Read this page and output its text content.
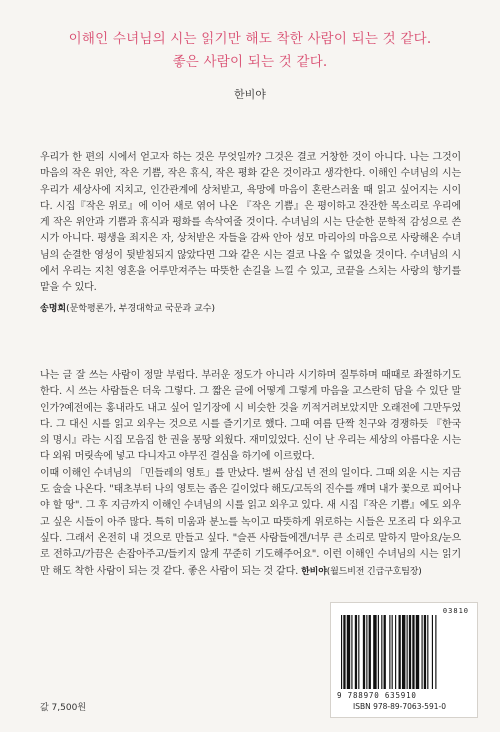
이해인 수녀님의 시는 읽기만 해도 착한 사람이 되는 것 같다.
좋은 사람이 되는 것 같다.
한비야

우리가 한 편의 시에서 얻고자 하는 것은 무엇일까? 그것은 결코 거창한 것이 아니다. 나는 그것이 마음의 작은 위안, 작은 기쁨, 작은 휴식, 작은 평화 같은 것이라고 생각한다. 이해인 수녀님의 시는 우리가 세상사에 지치고, 인간관계에 상처받고, 욕망에 마음이 혼란스러울 때 읽고 싶어지는 시이다. 시집『작은 위로』에 이어 새로 엮어 나온 『작은 기쁨』은 평이하고 잔잔한 목소리로 우리에게 작은 위안과 기쁨과 휴식과 평화를 속삭여줄 것이다. 수녀님의 시는 단순한 문학적 감성으로 쓴 시가 아니다. 평생을 죄지은 자, 상처받은 자들을 감싸 안아 성모 마리아의 마음으로 사랑해온 수녀님의 순결한 영성이 뒷받침되지 않았다면 그와 같은 시는 결코 나올 수 없었을 것이다. 수녀님의 시에서 우리는 지친 영혼을 어루만져주는 따뜻한 손길을 느낄 수 있고, 코끝을 스치는 사랑의 향기를 맡을 수 있다.

송명희(문학평론가, 부경대학교 국문과 교수)

나는 글 잘 쓰는 사람이 정말 부럽다. 부러운 정도가 아니라 시기하며 질투하며 때때로 좌절하기도 한다. 시 쓰는 사람들은 더욱 그렇다. 그 짧은 글에 어떻게 그렇게 마음을 고스란히 담을 수 있단 말인가?예전에는 홍내라도 내고 싶어 일기장에 시 비슷한 것을 끼적거려보았지만 오래전에 그만두었다. 그 대신 시를 읽고 외우는 것으로 시를 즐기기로 했다. 그때 여름 단짝 친구와 경쟁하듯 『한국의 명시』라는 시집 모음집 한 권을 몽땅 외웠다. 재미있었다. 신이 난 우리는 세상의 아름다운 시는 다 외워 머릿속에 넣고 다니자고 야무진 결심을 하기에 이르렀다.

이때 이해인 수녀님의 「민들레의 영토」를 만났다. 벌써 삼십 년 전의 일이다. 그때 외운 시는 지금도 술술 나온다. "태초부터 나의 영토는 좁은 길이었다 해도/고독의 진수를 깨며 내가 꽃으로 피어나야 할 땅". 그 후 지금까지 이해인 수녀님의 시를 읽고 외우고 있다. 새 시집『작은 기쁨』에도 외우고 싶은 시들이 아주 많다. 특히 미움과 분노를 녹이고 따뜻하게 위로하는 시들은 모조리 다 외우고 싶다. 그래서 온전히 내 것으로 만들고 싶다. "슬픈 사람들에겐/너무 큰 소리로 말하지 말아요/눈으로 전하고/가끔은 손잡아주고/들키지 않게 꾸준히 기도해주어요". 이런 이해인 수녀님의 시는 읽기만 해도 착한 사람이 되는 것 같다. 좋은 사람이 되는 것 같다. 한비야(월드비전 긴급구호팀장)

값 7,500원
03810
9 788970 635910
ISBN 978-89-7063-591-0
